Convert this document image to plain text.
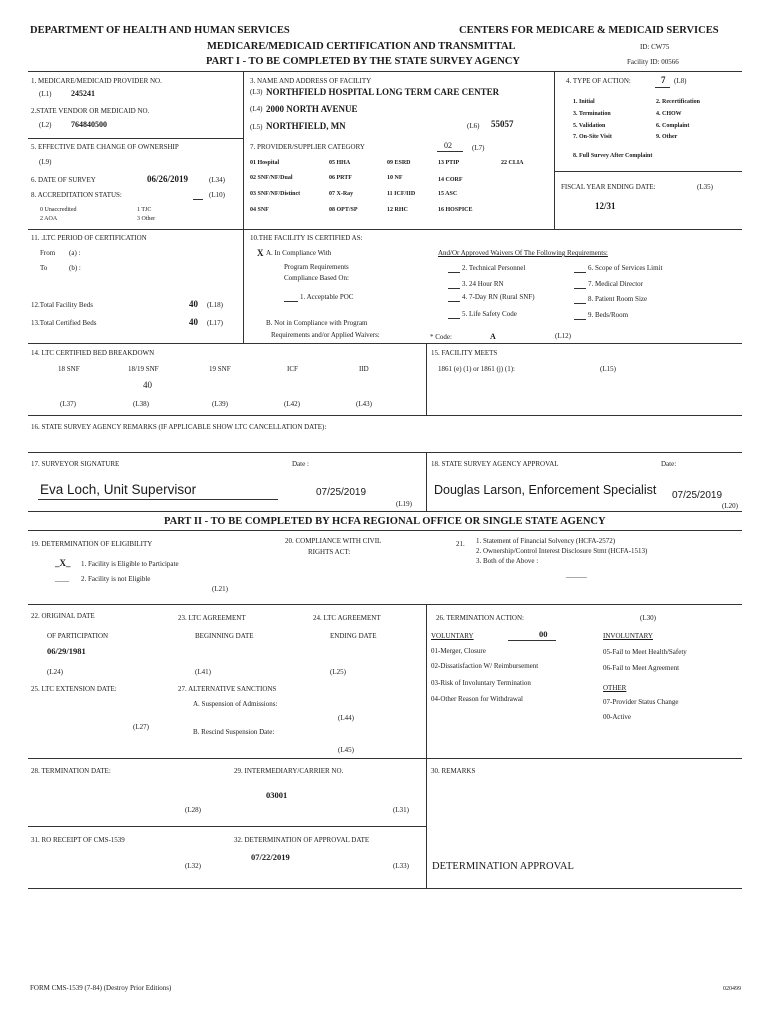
DEPARTMENT OF HEALTH AND HUMAN SERVICES	CENTERS FOR MEDICARE & MEDICAID SERVICES
MEDICARE/MEDICAID CERTIFICATION AND TRANSMITTAL
PART I - TO BE COMPLETED BY THE STATE SURVEY AGENCY
ID: CW75
Facility ID: 00566
1. MEDICARE/MEDICAID PROVIDER NO.
(L1) 245241
2.STATE VENDOR OR MEDICAID NO.
(L2) 764840500
3. NAME AND ADDRESS OF FACILITY
(L3) NORTHFIELD HOSPITAL LONG TERM CARE CENTER
(L4) 2000 NORTH AVENUE
(L5) NORTHFIELD, MN	(L6) 55057
4. TYPE OF ACTION:	7 (L8)
1. Initial	2. Recertification
3. Termination	4. CHOW
5. Validation	6. Complaint
7. On-Site Visit	9. Other
8. Full Survey After Complaint
5. EFFECTIVE DATE CHANGE OF OWNERSHIP
(L9)
6. DATE OF SURVEY	06/26/2019	(L34)
8. ACCREDITATION STATUS:	(L10)
0 Unaccredited	1 TJC
2 AOA	3 Other
7. PROVIDER/SUPPLIER CATEGORY	02	(L7)
01 Hospital	05 HHA	09 ESRD	13 PTIP	22 CLIA
02 SNF/NF/Dual	06 PRTF	10 NF	14 CORF
03 SNF/NF/Distinct	07 X-Ray	11 ICF/IID	15 ASC
04 SNF	08 OPT/SP	12 RHC	16 HOSPICE
FISCAL YEAR ENDING DATE:	(L35)
12/31
11. .LTC PERIOD OF CERTIFICATION
From (a) :
To	(b) :
12.Total Facility Beds	40 (L18)
13.Total Certified Beds	40 (L17)
10.THE FACILITY IS CERTIFIED AS:
X A. In Compliance With
Program Requirements
Compliance Based On:
1. Acceptable POC
B. Not in Compliance with Program
Requirements and/or Applied Waivers:
And/Or Approved Waivers Of The Following Requirements:
2. Technical Personnel
3. 24 Hour RN
4. 7-Day RN (Rural SNF)
5. Life Safety Code
6. Scope of Services Limit
7. Medical Director
8. Patient Room Size
9. Beds/Room
* Code:	A	(L12)
14. LTC CERTIFIED BED BREAKDOWN
18 SNF	18/19 SNF	19 SNF	ICF	IID
40
(L37)	(L38)	(L39)	(L42)	(L43)
15. FACILITY MEETS
1861 (e) (1) or 1861 (j) (1):	(L15)
16. STATE SURVEY AGENCY REMARKS (IF APPLICABLE SHOW LTC CANCELLATION DATE):
17. SURVEYOR SIGNATURE	Date :
Eva Loch, Unit Supervisor	07/25/2019
(L19)
18. STATE SURVEY AGENCY APPROVAL	Date:
Douglas Larson, Enforcement Specialist 07/25/2019
(L20)
PART II - TO BE COMPLETED BY HCFA REGIONAL OFFICE OR SINGLE STATE AGENCY
19. DETERMINATION OF ELIGIBILITY
_X_ 1. Facility is Eligible to Participate
____ 2. Facility is not Eligible
(L21)
20. COMPLIANCE WITH CIVIL
RIGHTS ACT:
21. 1. Statement of Financial Solvency (HCFA-2572)
2. Ownership/Control Interest Disclosure Stmt (HCFA-1513)
3. Both of the Above :
______
22. ORIGINAL DATE
OF PARTICIPATION
06/29/1981
(L24)
23. LTC AGREEMENT
BEGINNING DATE
(L41)
24. LTC AGREEMENT
ENDING DATE
(L25)
25. LTC EXTENSION DATE:
(L27)
27. ALTERNATIVE SANCTIONS
A. Suspension of Admissions:
(L44)
B. Rescind Suspension Date:
(L45)
26. TERMINATION ACTION:	(L30)
VOLUNTARY	00	INVOLUNTARY
01-Merger, Closure
02-Dissatisfaction W/ Reimbursement
03-Risk of Involuntary Termination
04-Other Reason for Withdrawal
05-Fail to Meet Health/Safety
06-Fail to Meet Agreement
OTHER
07-Provider Status Change
00-Active
28. TERMINATION DATE:
(L28)
29. INTERMEDIARY/CARRIER NO.
03001
(L31)
30. REMARKS
DETERMINATION APPROVAL
31. RO RECEIPT OF CMS-1539
(L32)
32. DETERMINATION OF APPROVAL DATE
07/22/2019
(L33)
FORM CMS-1539 (7-84) (Destroy Prior Editions)	020499
